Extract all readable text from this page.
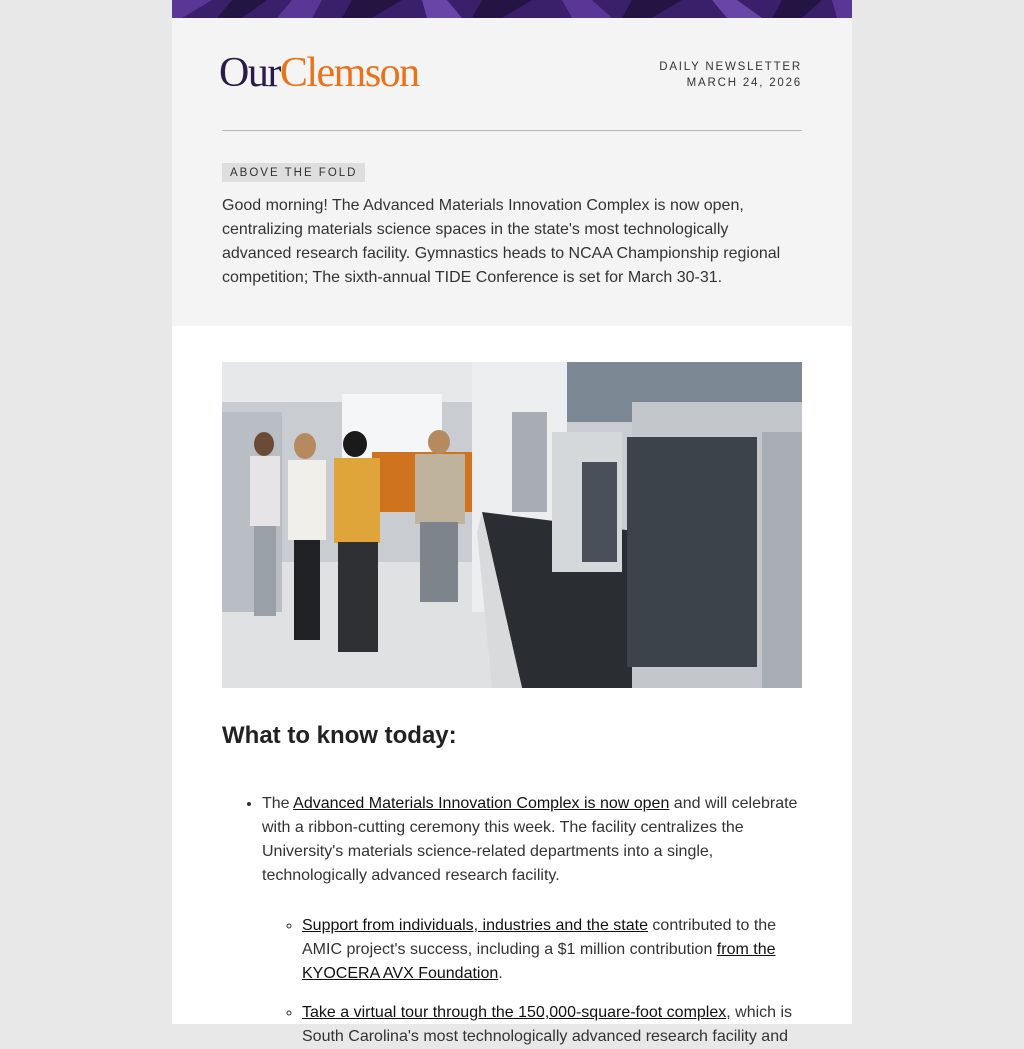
OurClemson	DAILY NEWSLETTER
MARCH 24, 2026
ABOVE THE FOLD

Good morning! The Advanced Materials Innovation Complex is now open, centralizing materials science spaces in the state's most technologically advanced research facility. Gymnastics heads to NCAA Championship regional competition; The sixth-annual TIDE Conference is set for March 30-31.

What to know today:
• The Advanced Materials Innovation Complex is now open and will celebrate with a ribbon-cutting ceremony this week. The facility centralizes the University's materials science-related departments into a single, technologically advanced research facility.
◦ Support from individuals, industries and the state contributed to the AMIC project's success, including a $1 million contribution from the KYOCERA AVX Foundation.
◦ Take a virtual tour through the 150,000-square-foot complex, which is South Carolina's most technologically advanced research facility and
